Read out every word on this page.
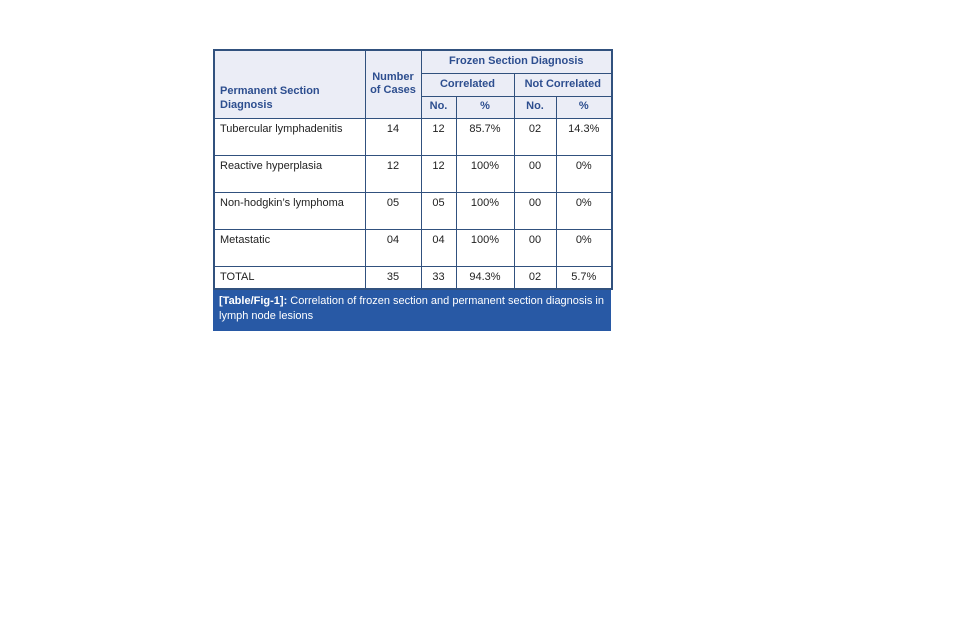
Permanent Section Diagnosis	Number of Cases	Frozen Section Diagnosis			
		Correlated		Not Correlated	
		No.	%	No.	%
Tubercular lymphadenitis	14	12	85.7%	02	14.3%
Reactive hyperplasia	12	12	100%	00	0%
Non-hodgkin’s lymphoma	05	05	100%	00	0%
Metastatic	04	04	100%	00	0%
TOTAL	35	33	94.3%	02	5.7%
[Table/Fig-1]: Correlation of frozen section and permanent section diagnosis in lymph node lesions
